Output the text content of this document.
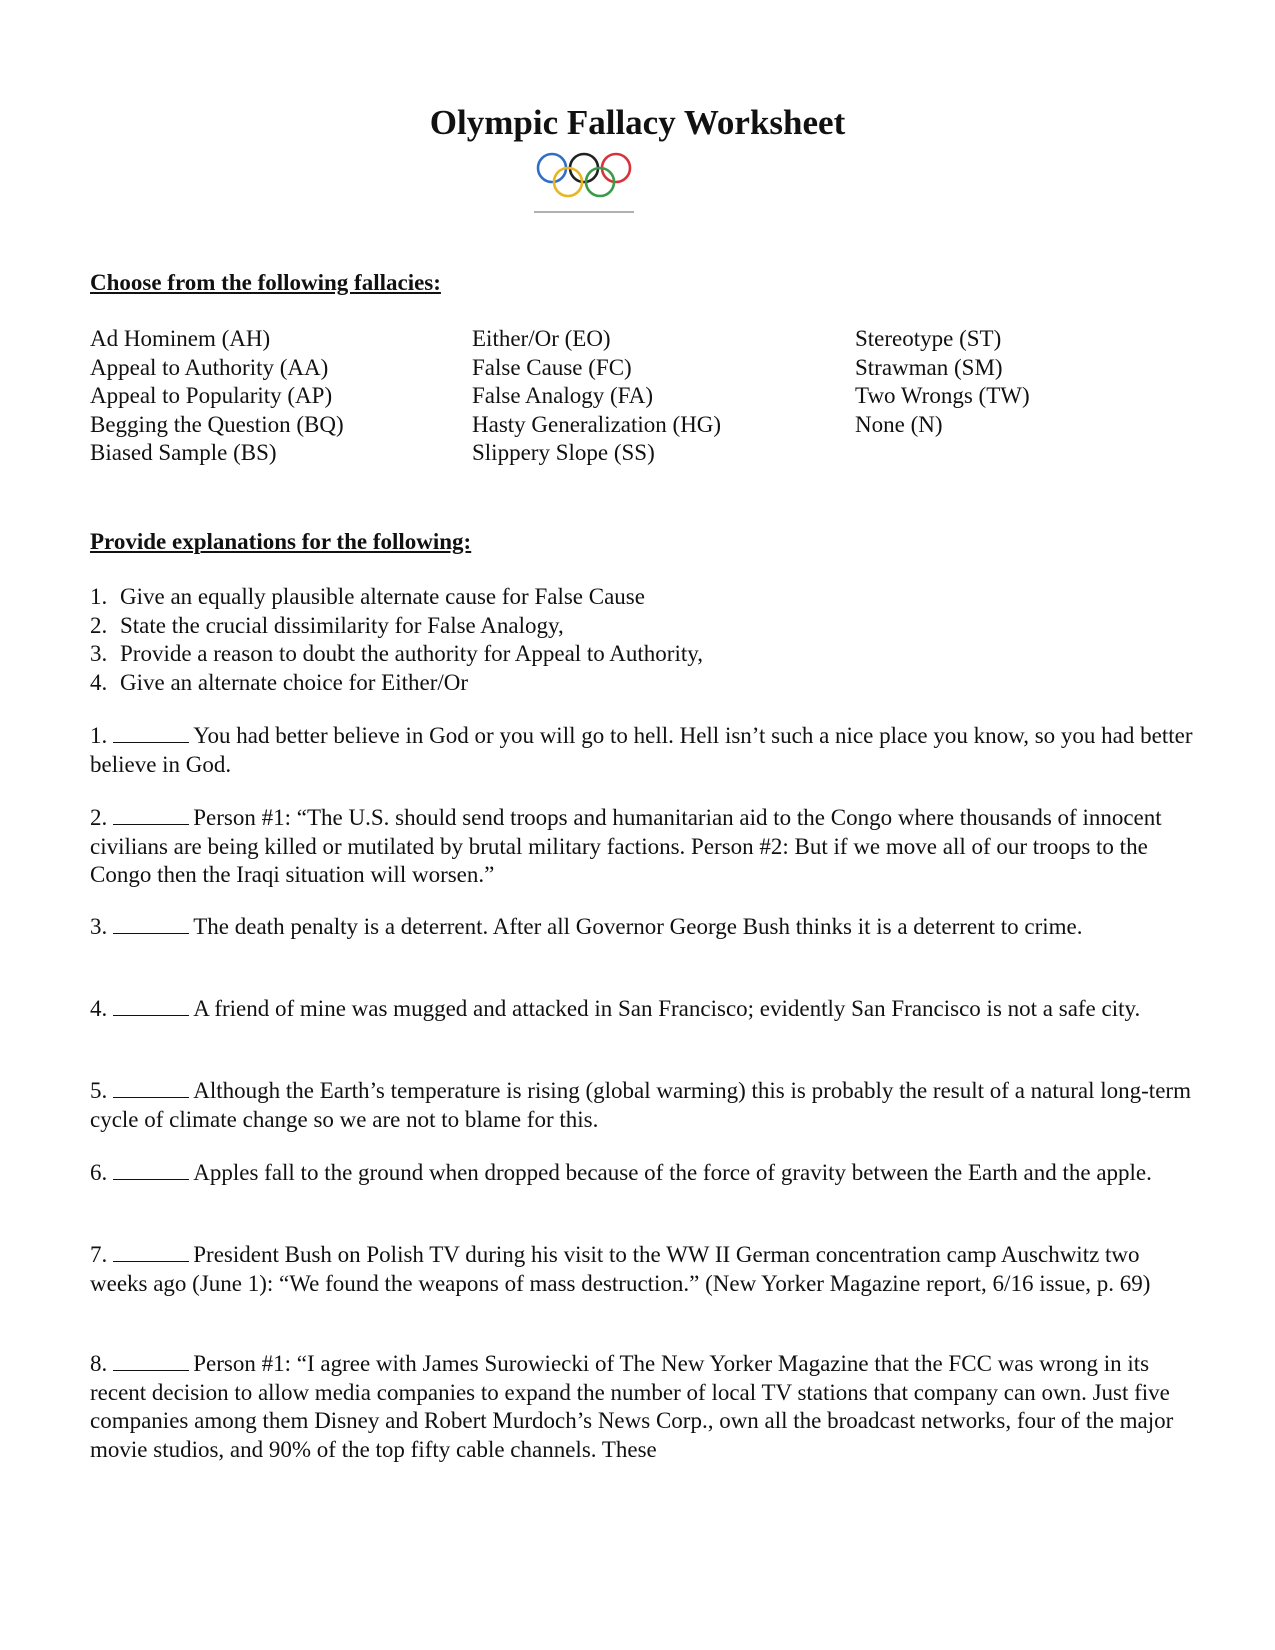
Olympic Fallacy Worksheet
Choose from the following fallacies:
Ad Hominem (AH)
Appeal to Authority (AA)
Appeal to Popularity (AP)
Begging the Question (BQ)
Biased Sample (BS)
Either/Or (EO)
False Cause (FC)
False Analogy (FA)
Hasty Generalization (HG)
Slippery Slope (SS)
Stereotype (ST)
Strawman (SM)
Two Wrongs (TW)
None (N)
Provide explanations for the following:
1. Give an equally plausible alternate cause for False Cause
2. State the crucial dissimilarity for False Analogy,
3. Provide a reason to doubt the authority for Appeal to Authority,
4. Give an alternate choice for Either/Or
1.	You had better believe in God or you will go to hell. Hell isn’t such a nice place you know, so you had better believe in God.
2.	Person #1: “The U.S. should send troops and humanitarian aid to the Congo where thousands of innocent civilians are being killed or mutilated by brutal military factions. Person #2: But if we move all of our troops to the Congo then the Iraqi situation will worsen.”
3.	The death penalty is a deterrent. After all Governor George Bush thinks it is a deterrent to crime.
4.	A friend of mine was mugged and attacked in San Francisco; evidently San Francisco is not a safe city.
5.	Although the Earth’s temperature is rising (global warming) this is probably the result of a natural long-term cycle of climate change so we are not to blame for this.
6.	Apples fall to the ground when dropped because of the force of gravity between the Earth and the apple.
7.	President Bush on Polish TV during his visit to the WW II German concentration camp Auschwitz two weeks ago (June 1): “We found the weapons of mass destruction.” (New Yorker Magazine report, 6/16 issue, p. 69)
8.	Person #1: “I agree with James Surowiecki of The New Yorker Magazine that the FCC was wrong in its recent decision to allow media companies to expand the number of local TV stations that company can own. Just five companies among them Disney and Robert Murdoch’s News Corp., own all the broadcast networks, four of the major movie studios, and 90% of the top fifty cable channels. These
